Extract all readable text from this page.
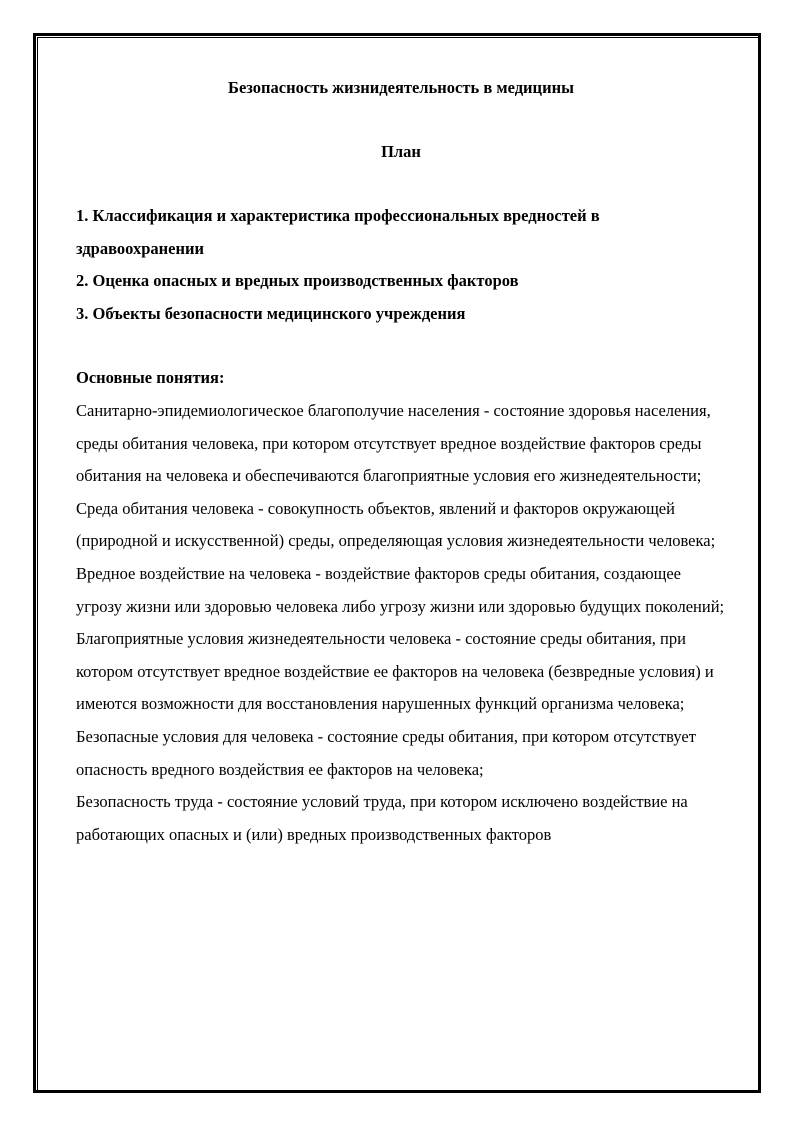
Безопасность жизнидеятельность в медицины
План
1. Классификация и характеристика профессиональных вредностей в здравоохранении
2. Оценка опасных и вредных производственных факторов
3. Объекты безопасности медицинского учреждения
Основные понятия:

Санитарно-эпидемиологическое благополучие населения - состояние здоровья населения, среды обитания человека, при котором отсутствует вредное воздействие факторов среды обитания на человека и обеспечиваются благоприятные условия его жизнедеятельности;

Среда обитания человека - совокупность объектов, явлений и факторов окружающей (природной и искусственной) среды, определяющая условия жизнедеятельности человека;

Вредное воздействие на человека - воздействие факторов среды обитания, создающее угрозу жизни или здоровью человека либо угрозу жизни или здоровью будущих поколений;

Благоприятные условия жизнедеятельности человека - состояние среды обитания, при котором отсутствует вредное воздействие ее факторов на человека (безвредные условия) и имеются возможности для восстановления нарушенных функций организма человека;

Безопасные условия для человека - состояние среды обитания, при котором отсутствует опасность вредного воздействия ее факторов на человека;

Безопасность труда - состояние условий труда, при котором исключено воздействие на работающих опасных и (или) вредных производственных факторов
